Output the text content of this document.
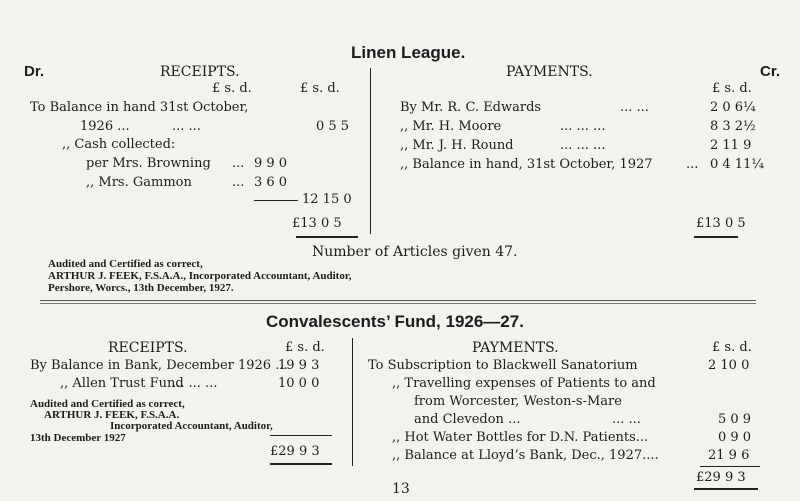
Linen League.
Dr.	RECEIPTS.
£ s. d.	£ s. d.
To Balance in hand 31st October,
1926 ...	... ...	0 5 5
,, Cash collected:
per Mrs. Browning ... 9 9 0
,, Mrs. Gammon	... 3 6 0
12 15 0
£13 0 5
PAYMENTS.	Cr.
£ s. d.
By Mr. R. C. Edwards	... ...	2 0 6¼
,, Mr. H. Moore	... ... ...	8 3 2½
,, Mr. J. H. Round	... ... ...	2 11 9
,, Balance in hand, 31st October, 1927	... 0 4 11¼
£13 0 5
Number of Articles given 47.
Audited and Certified as correct,
ARTHUR J. FEEK, F.S.A.A., Incorporated Accountant, Auditor,
Pershore, Worcs., 13th December, 1927.
Convalescents’ Fund, 1926—27.
RECEIPTS.	£ s. d.
By Balance in Bank, December 1926 ...
19 9 3
,, Allen Trust Fund
... ... ...	10 0 0
Audited and Certified as correct,
ARTHUR J. FEEK, F.S.A.A.
Incorporated Accountant, Auditor,
13th December 1927
£29 9 3
PAYMENTS.	£ s. d.
To Subscription to Blackwell Sanatorium	2 10 0
,, Travelling expenses of Patients to and
from Worcester, Weston-s-Mare
and Clevedon ...	... ...	5 0 9
,, Hot Water Bottles for D.N. Patients...	0 9 0
,, Balance at Lloyd’s Bank, Dec., 1927....	21 9 6
£29 9 3
13
